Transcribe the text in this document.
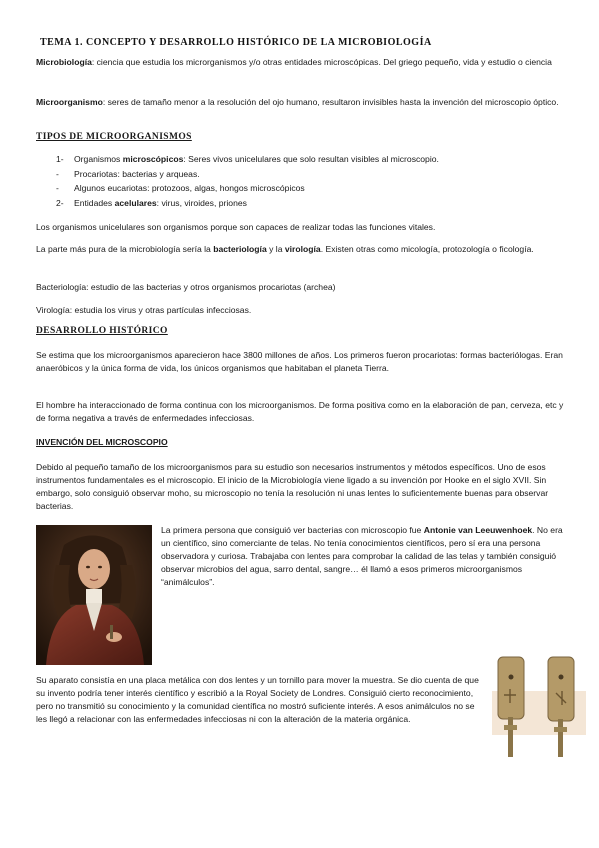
TEMA 1. CONCEPTO Y DESARROLLO HISTÓRICO DE LA MICROBIOLOGÍA

Microbiología: ciencia que estudia los microrganismos y/o otras entidades microscópicas. Del griego pequeño, vida y estudio o ciencia

Microorganismo: seres de tamaño menor a la resolución del ojo humano, resultaron invisibles hasta la invención del microscopio óptico.

TIPOS DE MICROORGANISMOS
1- Organismos microscópicos: Seres vivos unicelulares que solo resultan visibles al microscopio.
- Procariotas: bacterias y arqueas.
- Algunos eucariotas: protozoos, algas, hongos microscópicos
2- Entidades acelulares: virus, viroides, priones

Los organismos unicelulares son organismos porque son capaces de realizar todas las funciones vitales.

La parte más pura de la microbiología sería la bacteriología y la virología. Existen otras como micología, protozología o ficología.

Bacteriología: estudio de las bacterias y otros organismos procariotas (archea)

Virología: estudia los virus y otras partículas infecciosas.

DESARROLLO HISTÓRICO

Se estima que los microorganismos aparecieron hace 3800 millones de años. Los primeros fueron procariotas: formas bacteriólogas. Eran anaeróbicos y la única forma de vida, los únicos organismos que habitaban el planeta Tierra.

El hombre ha interaccionado de forma continua con los microorganismos. De forma positiva como en la elaboración de pan, cerveza, etc y de forma negativa a través de enfermedades infecciosas.

INVENCIÓN DEL MICROSCOPIO

Debido al pequeño tamaño de los microorganismos para su estudio son necesarios instrumentos y métodos específicos. Uno de esos instrumentos fundamentales es el microscopio. El inicio de la Microbiología viene ligado a su invención por Hooke en el siglo XVII. Sin embargo, solo consiguió observar moho, su microscopio no tenía la resolución ni unas lentes lo suficientemente buenas para observar bacterias.

La primera persona que consiguió ver bacterias con microscopio fue Antonie van Leeuwenhoek. No era un científico, sino comerciante de telas. No tenía conocimientos científicos, pero sí era una persona observadora y curiosa. Trabajaba con lentes para comprobar la calidad de las telas y también consiguió observar microbios del agua, sarro dental, sangre… él llamó a esos primeros microorganismos “animálculos”.

Su aparato consistía en una placa metálica con dos lentes y un tornillo para mover la muestra. Se dio cuenta de que su invento podría tener interés científico y escribió a la Royal Society de Londres. Consiguió cierto reconocimiento, pero no transmitió su conocimiento y la comunidad científica no mostró suficiente interés. A esos animálculos no se les llegó a relacionar con las enfermedades infecciosas ni con la alteración de la materia orgánica.
